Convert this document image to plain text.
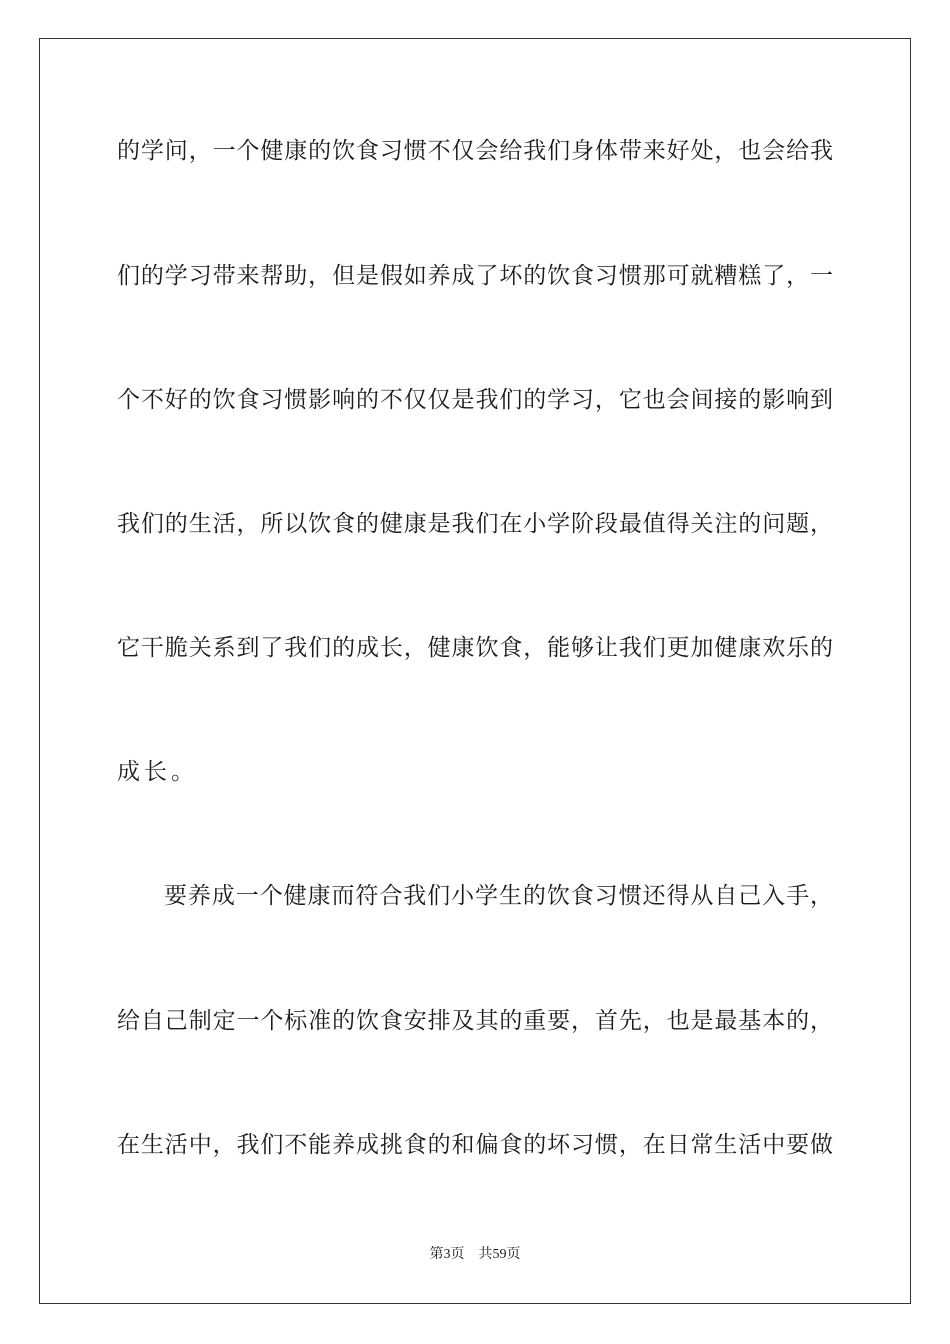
的学问，一个健康的饮食习惯不仅会给我们身体带来好处，也会给我
们的学习带来帮助，但是假如养成了坏的饮食习惯那可就糟糕了，一
个不好的饮食习惯影响的不仅仅是我们的学习，它也会间接的影响到
我们的生活，所以饮食的健康是我们在小学阶段最值得关注的问题，
它干脆关系到了我们的成长，健康饮食，能够让我们更加健康欢乐的
成长。
要养成一个健康而符合我们小学生的饮食习惯还得从自己入手，
给自己制定一个标准的饮食安排及其的重要，首先，也是最基本的，
在生活中，我们不能养成挑食的和偏食的坏习惯，在日常生活中要做
第3页 共59页
